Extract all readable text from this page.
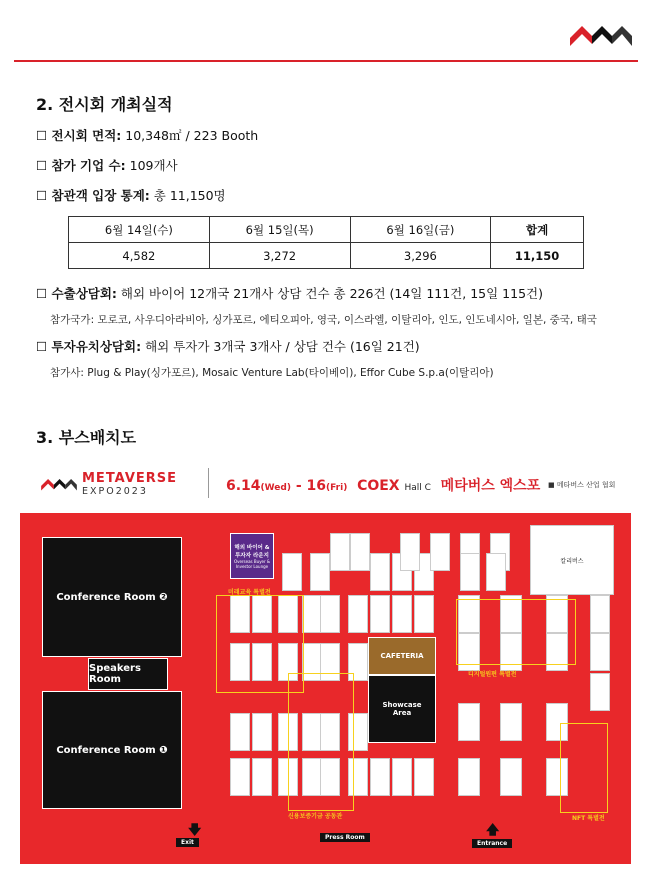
2. 전시회 개최실적
☐ 전시회 면적: 10,348㎡ / 223 Booth
☐ 참가 기업 수: 109개사
☐ 참관객 입장 통계: 총 11,150명
6월 14일(수)	6월 15일(목)	6월 16일(금)	합계
4,582	3,272	3,296	11,150
☐ 수출상담회: 해외 바이어 12개국 21개사 상담 건수 총 226건 (14일 111건, 15일 115건)
참가국가: 모로코, 사우디아라비아, 싱가포르, 에티오피아, 영국, 이스라엘, 이탈리아, 인도, 인도네시아, 일본, 중국, 태국
☐ 투자유치상담회: 해외 투자가 3개국 3개사 / 상담 건수 (16일 21건)
참가사: Plug & Play(싱가포르), Mosaic Venture Lab(타이베이), Effor Cube S.p.a(이탈리아)
3. 부스배치도
METAVERSE
EXPO2023	6.14(Wed) - 16(Fri) COEX Hall C 메타버스 엑스포 ■ 메타버스 산업 협회
Conference Room ❷
Speakers Room
Conference Room ❶
해외 바이어 &
투자자 라운지
Overseas Buyer &
Investor Lounge
CAFETERIA
Showcase
Area
칼리버스
미래교육 특별전
디지털원편 특별전
신용보증기금 공동관	NFT 특별전
🡇
Exit
Press Room	🡅
Entrance
